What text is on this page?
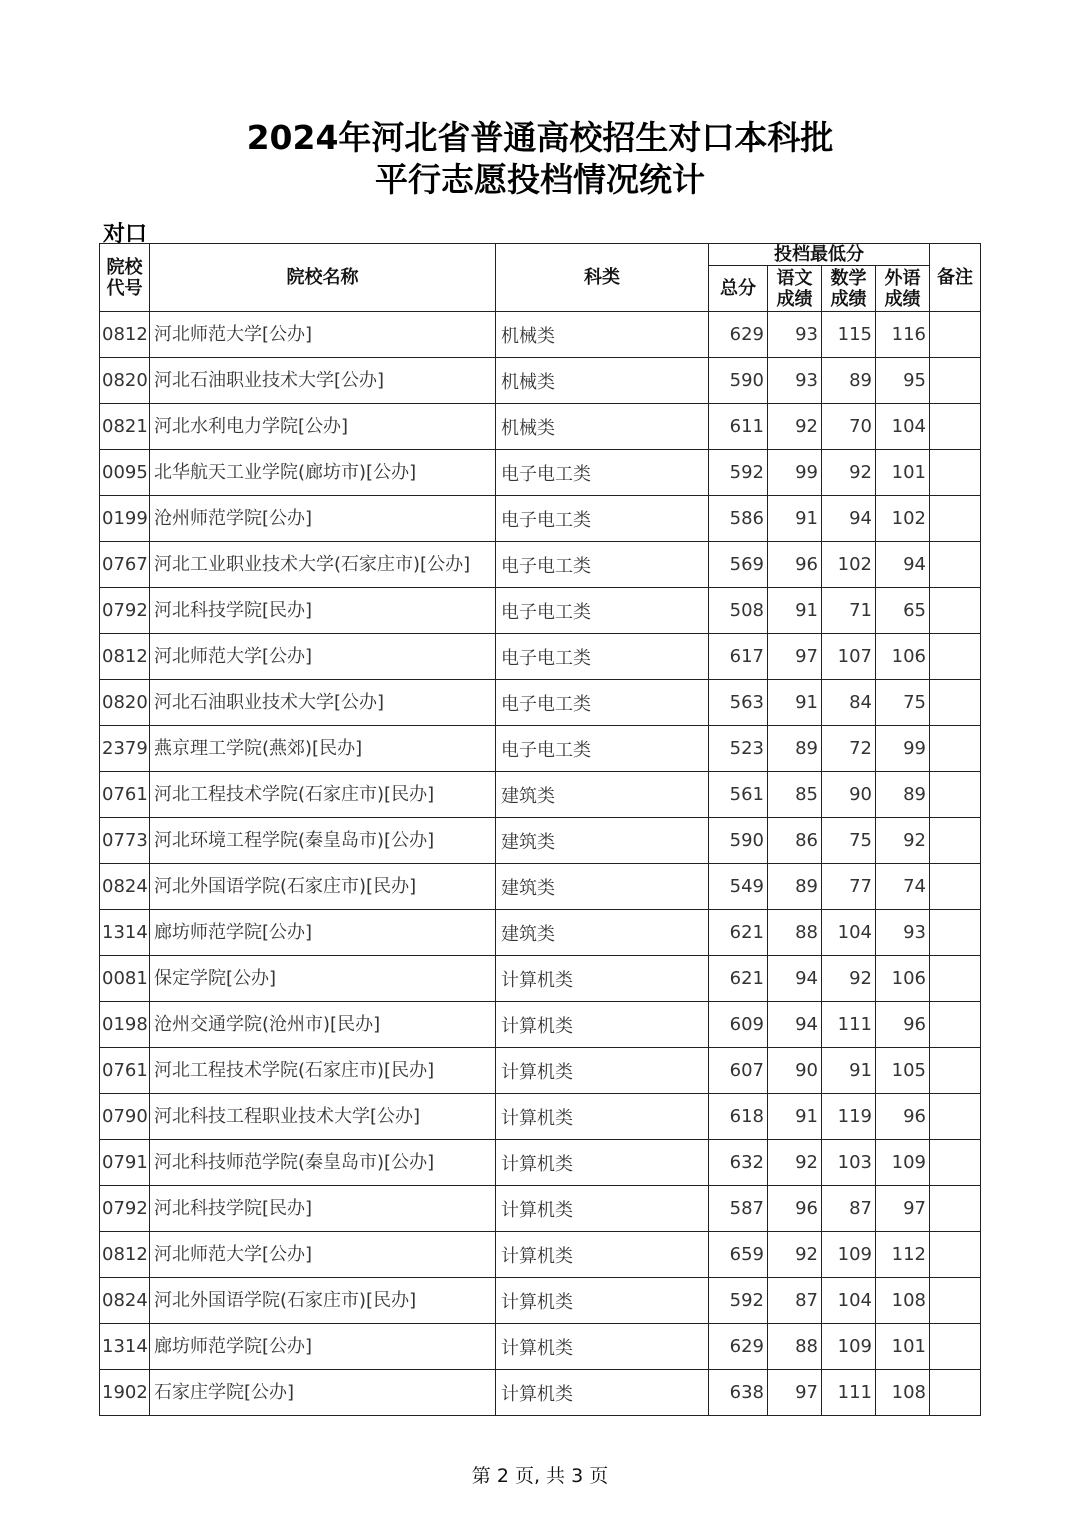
2024年河北省普通高校招生对口本科批
平行志愿投档情况统计
对口
院校代号	院校名称	科类	投档最低分				备注
			总分	语文成绩	数学成绩	外语成绩	

0812	河北师范大学[公办]	机械类	629	93	115	116	
0820	河北石油职业技术大学[公办]	机械类	590	93	89	95	
0821	河北水利电力学院[公办]	机械类	611	92	70	104	
0095	北华航天工业学院(廊坊市)[公办]	电子电工类	592	99	92	101	
0199	沧州师范学院[公办]	电子电工类	586	91	94	102	
0767	河北工业职业技术大学(石家庄市)[公办]	电子电工类	569	96	102	94	
0792	河北科技学院[民办]	电子电工类	508	91	71	65	
0812	河北师范大学[公办]	电子电工类	617	97	107	106	
0820	河北石油职业技术大学[公办]	电子电工类	563	91	84	75	
2379	燕京理工学院(燕郊)[民办]	电子电工类	523	89	72	99	
0761	河北工程技术学院(石家庄市)[民办]	建筑类	561	85	90	89	
0773	河北环境工程学院(秦皇岛市)[公办]	建筑类	590	86	75	92	
0824	河北外国语学院(石家庄市)[民办]	建筑类	549	89	77	74	
1314	廊坊师范学院[公办]	建筑类	621	88	104	93	
0081	保定学院[公办]	计算机类	621	94	92	106	
0198	沧州交通学院(沧州市)[民办]	计算机类	609	94	111	96	
0761	河北工程技术学院(石家庄市)[民办]	计算机类	607	90	91	105	
0790	河北科技工程职业技术大学[公办]	计算机类	618	91	119	96	
0791	河北科技师范学院(秦皇岛市)[公办]	计算机类	632	92	103	109	
0792	河北科技学院[民办]	计算机类	587	96	87	97	
0812	河北师范大学[公办]	计算机类	659	92	109	112	
0824	河北外国语学院(石家庄市)[民办]	计算机类	592	87	104	108	
1314	廊坊师范学院[公办]	计算机类	629	88	109	101	
1902	石家庄学院[公办]	计算机类	638	97	111	108	
第 2 页, 共 3 页
